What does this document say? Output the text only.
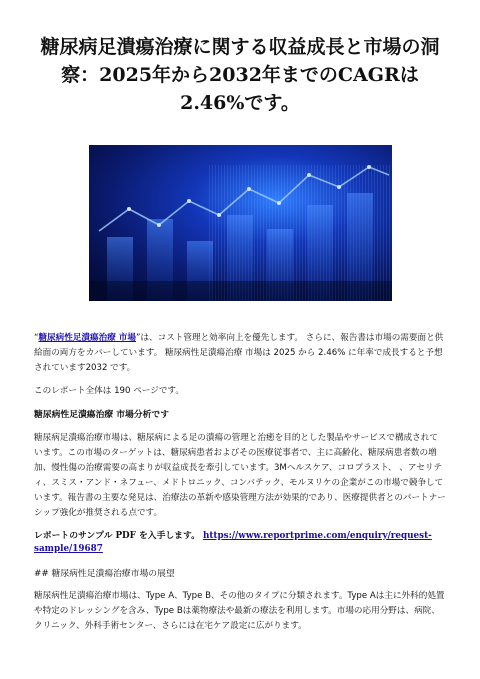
糖尿病足潰瘍治療に関する収益成長と市場の洞察：2025年から2032年までのCAGRは2.46%です。

“糖尿病性足潰瘍治療 市場”は、コスト管理と効率向上を優先します。 さらに、報告書は市場の需要面と供給面の両方をカバーしています。 糖尿病性足潰瘍治療 市場は 2025 から 2.46% に年率で成長すると予想されています2032 です。

このレポート全体は 190 ページです。

糖尿病性足潰瘍治療 市場分析です

糖尿病足潰瘍治療市場は、糖尿病による足の潰瘍の管理と治癒を目的とした製品やサービスで構成されています。この市場のターゲットは、糖尿病患者およびその医療従事者で、主に高齢化、糖尿病患者数の増加、慢性傷の治療需要の高まりが収益成長を牽引しています。3Mヘルスケア、コロプラスト、 、アセリティ、スミス・アンド・ネフュー、メドトロニック、コンバテック、モルヌリケの企業がこの市場で競争しています。報告書の主要な発見は、治療法の革新や感染管理方法が効果的であり、医療提供者とのパートナーシップ強化が推奨される点です。

レポートのサンプル PDF を入手します。 https://www.reportprime.com/enquiry/request-sample/19687

## 糖尿病性足潰瘍治療市場の展望

糖尿病性足潰瘍治療市場は、Type A、Type B、その他のタイプに分類されます。Type Aは主に外科的処置や特定のドレッシングを含み、Type Bは薬物療法や最新の療法を利用します。市場の応用分野は、病院、クリニック、外科手術センター、さらには在宅ケア設定に広がります。
